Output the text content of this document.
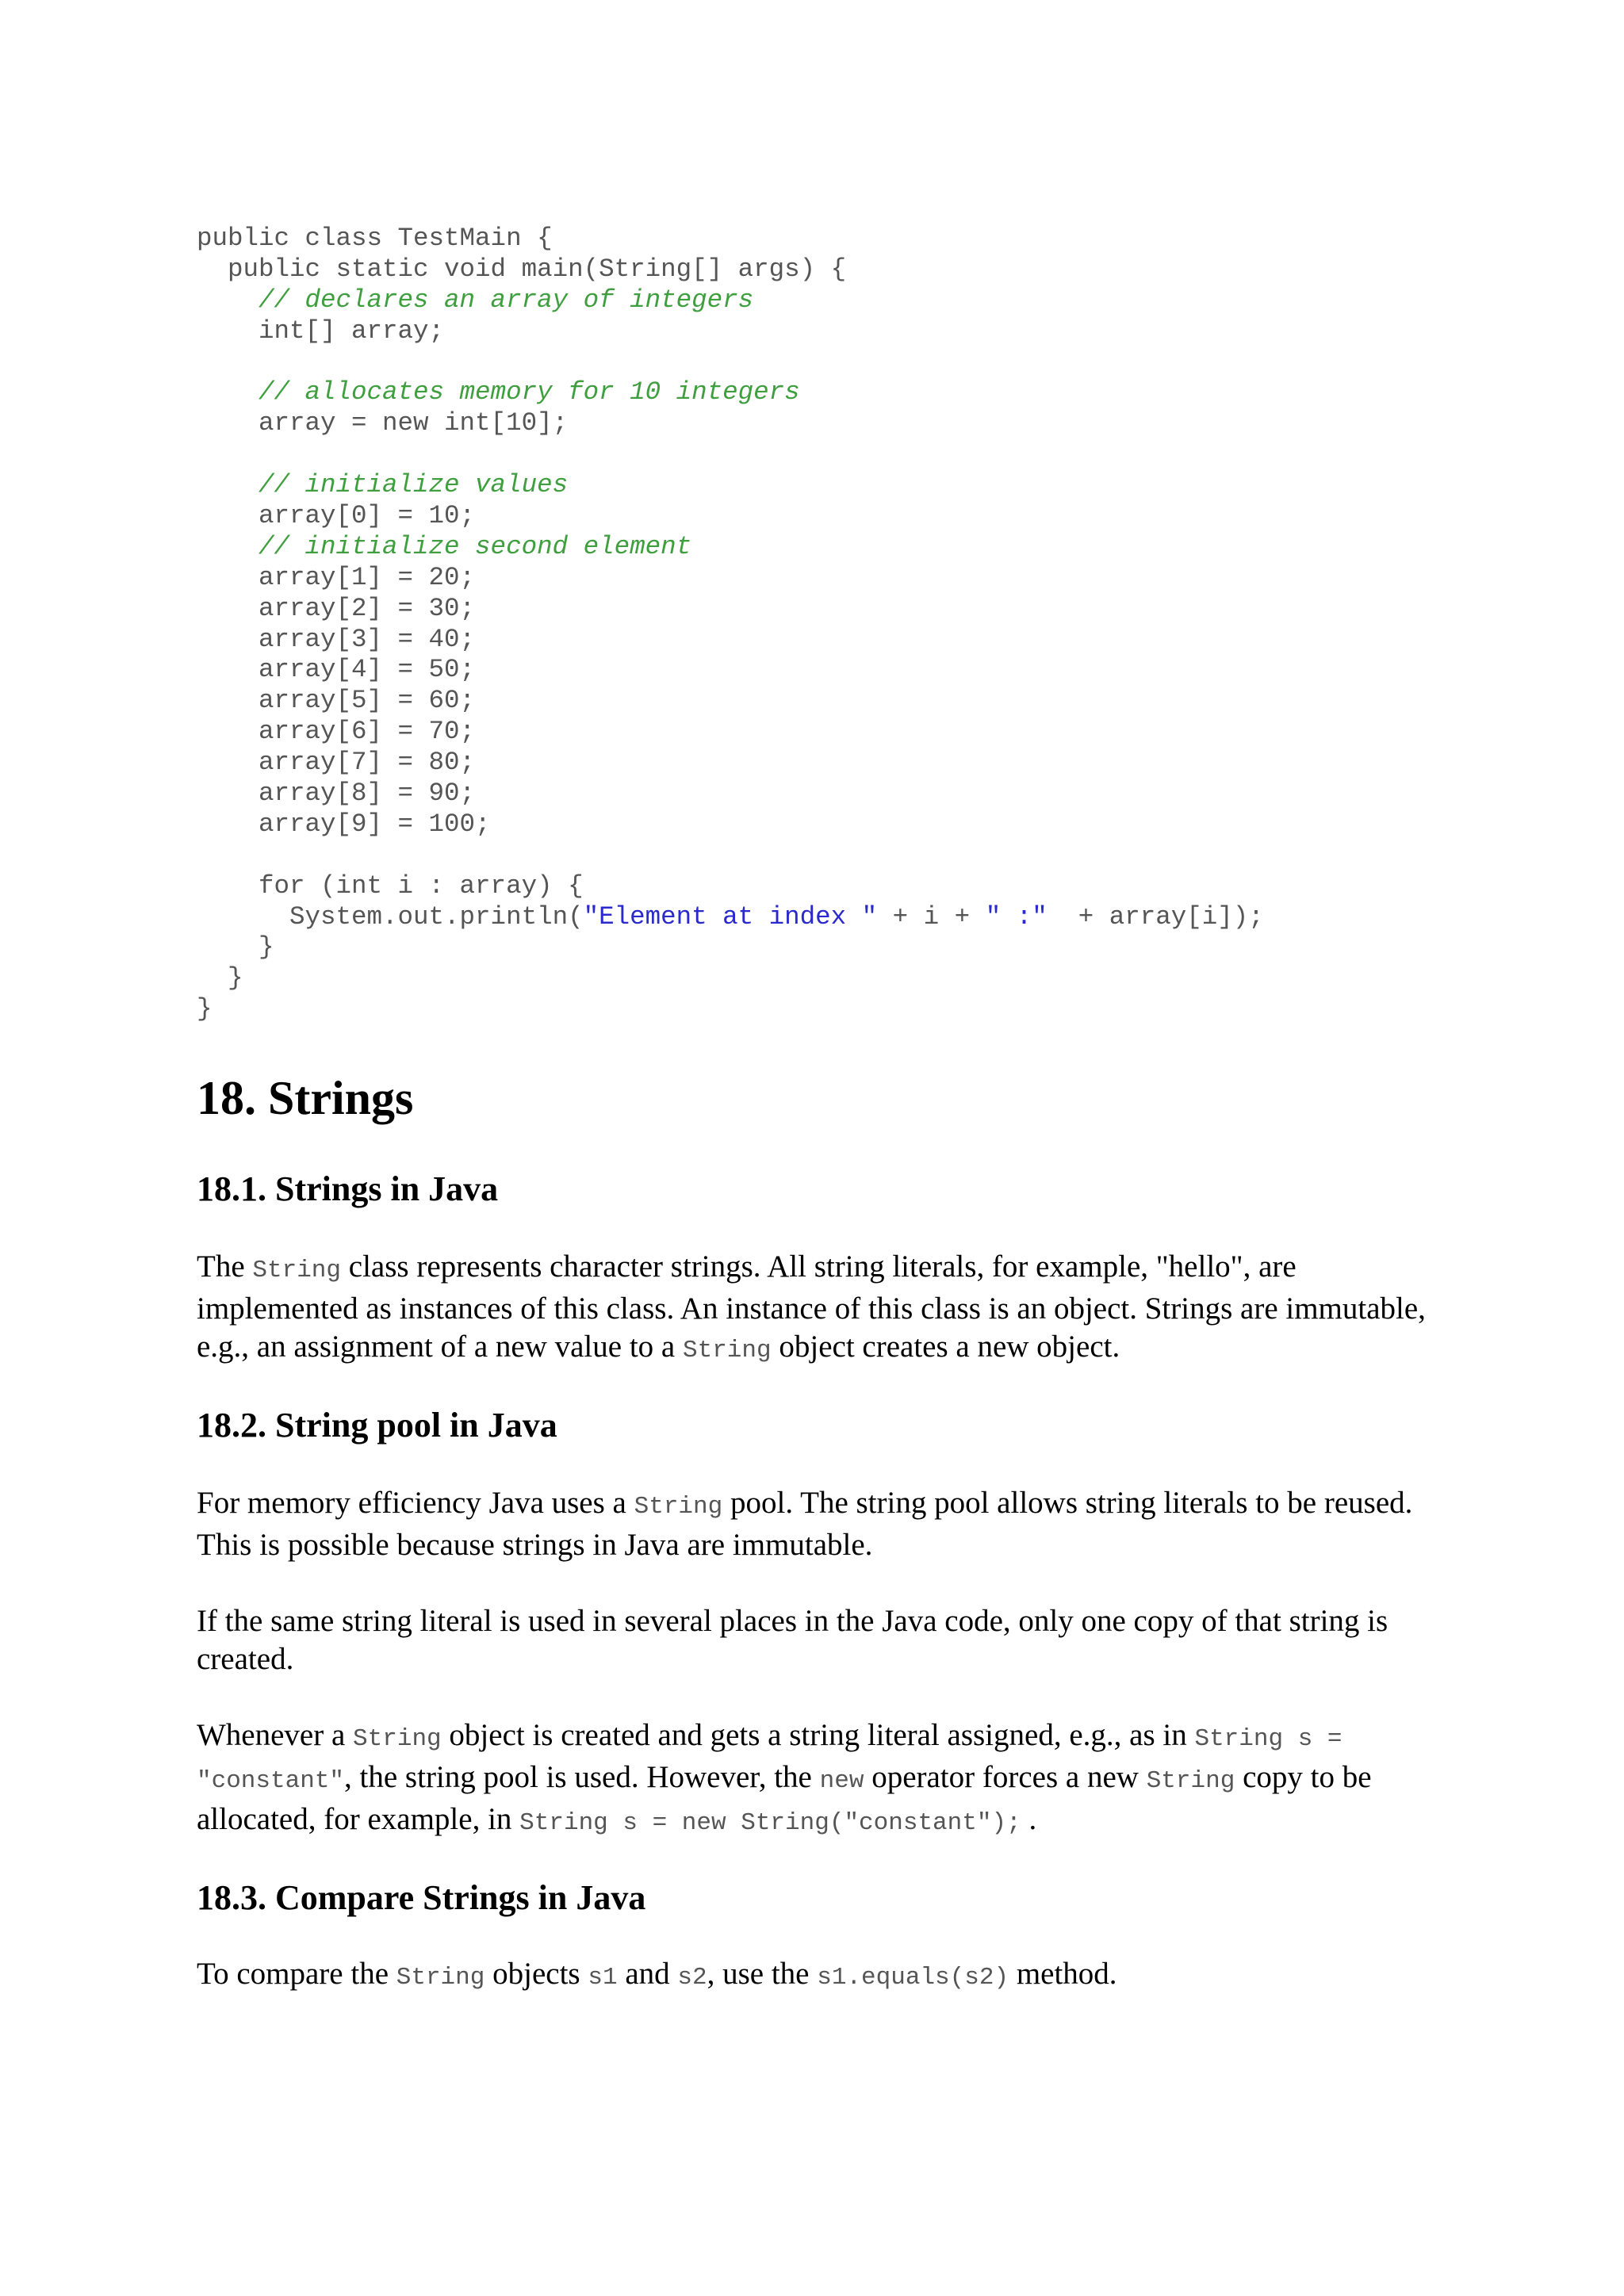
public class TestMain {
public static void main(String[] args) {
// declares an array of integers
int[] array;
// allocates memory for 10 integers
array = new int[10];
// initialize values
array[0] = 10;
// initialize second element
array[1] = 20;
array[2] = 30;
array[3] = 40;
array[4] = 50;
array[5] = 60;
array[6] = 70;
array[7] = 80;
array[8] = 90;
array[9] = 100;
for (int i : array) {
System.out.println("Element at index " + i + " :"  + array[i]);
}
}
}
18. Strings
18.1. Strings in Java

The String class represents character strings. All string literals, for example, "hello", are implemented as instances of this class. An instance of this class is an object. Strings are immutable, e.g., an assignment of a new value to a String object creates a new object.

18.2. String pool in Java

For memory efficiency Java uses a String pool. The string pool allows string literals to be reused. This is possible because strings in Java are immutable.

If the same string literal is used in several places in the Java code, only one copy of that string is created.

Whenever a String object is created and gets a string literal assigned, e.g., as in String s = "constant", the string pool is used. However, the new operator forces a new String copy to be allocated, for example, in String s = new String("constant"); .

18.3. Compare Strings in Java

To compare the String objects s1 and s2, use the s1.equals(s2) method.
